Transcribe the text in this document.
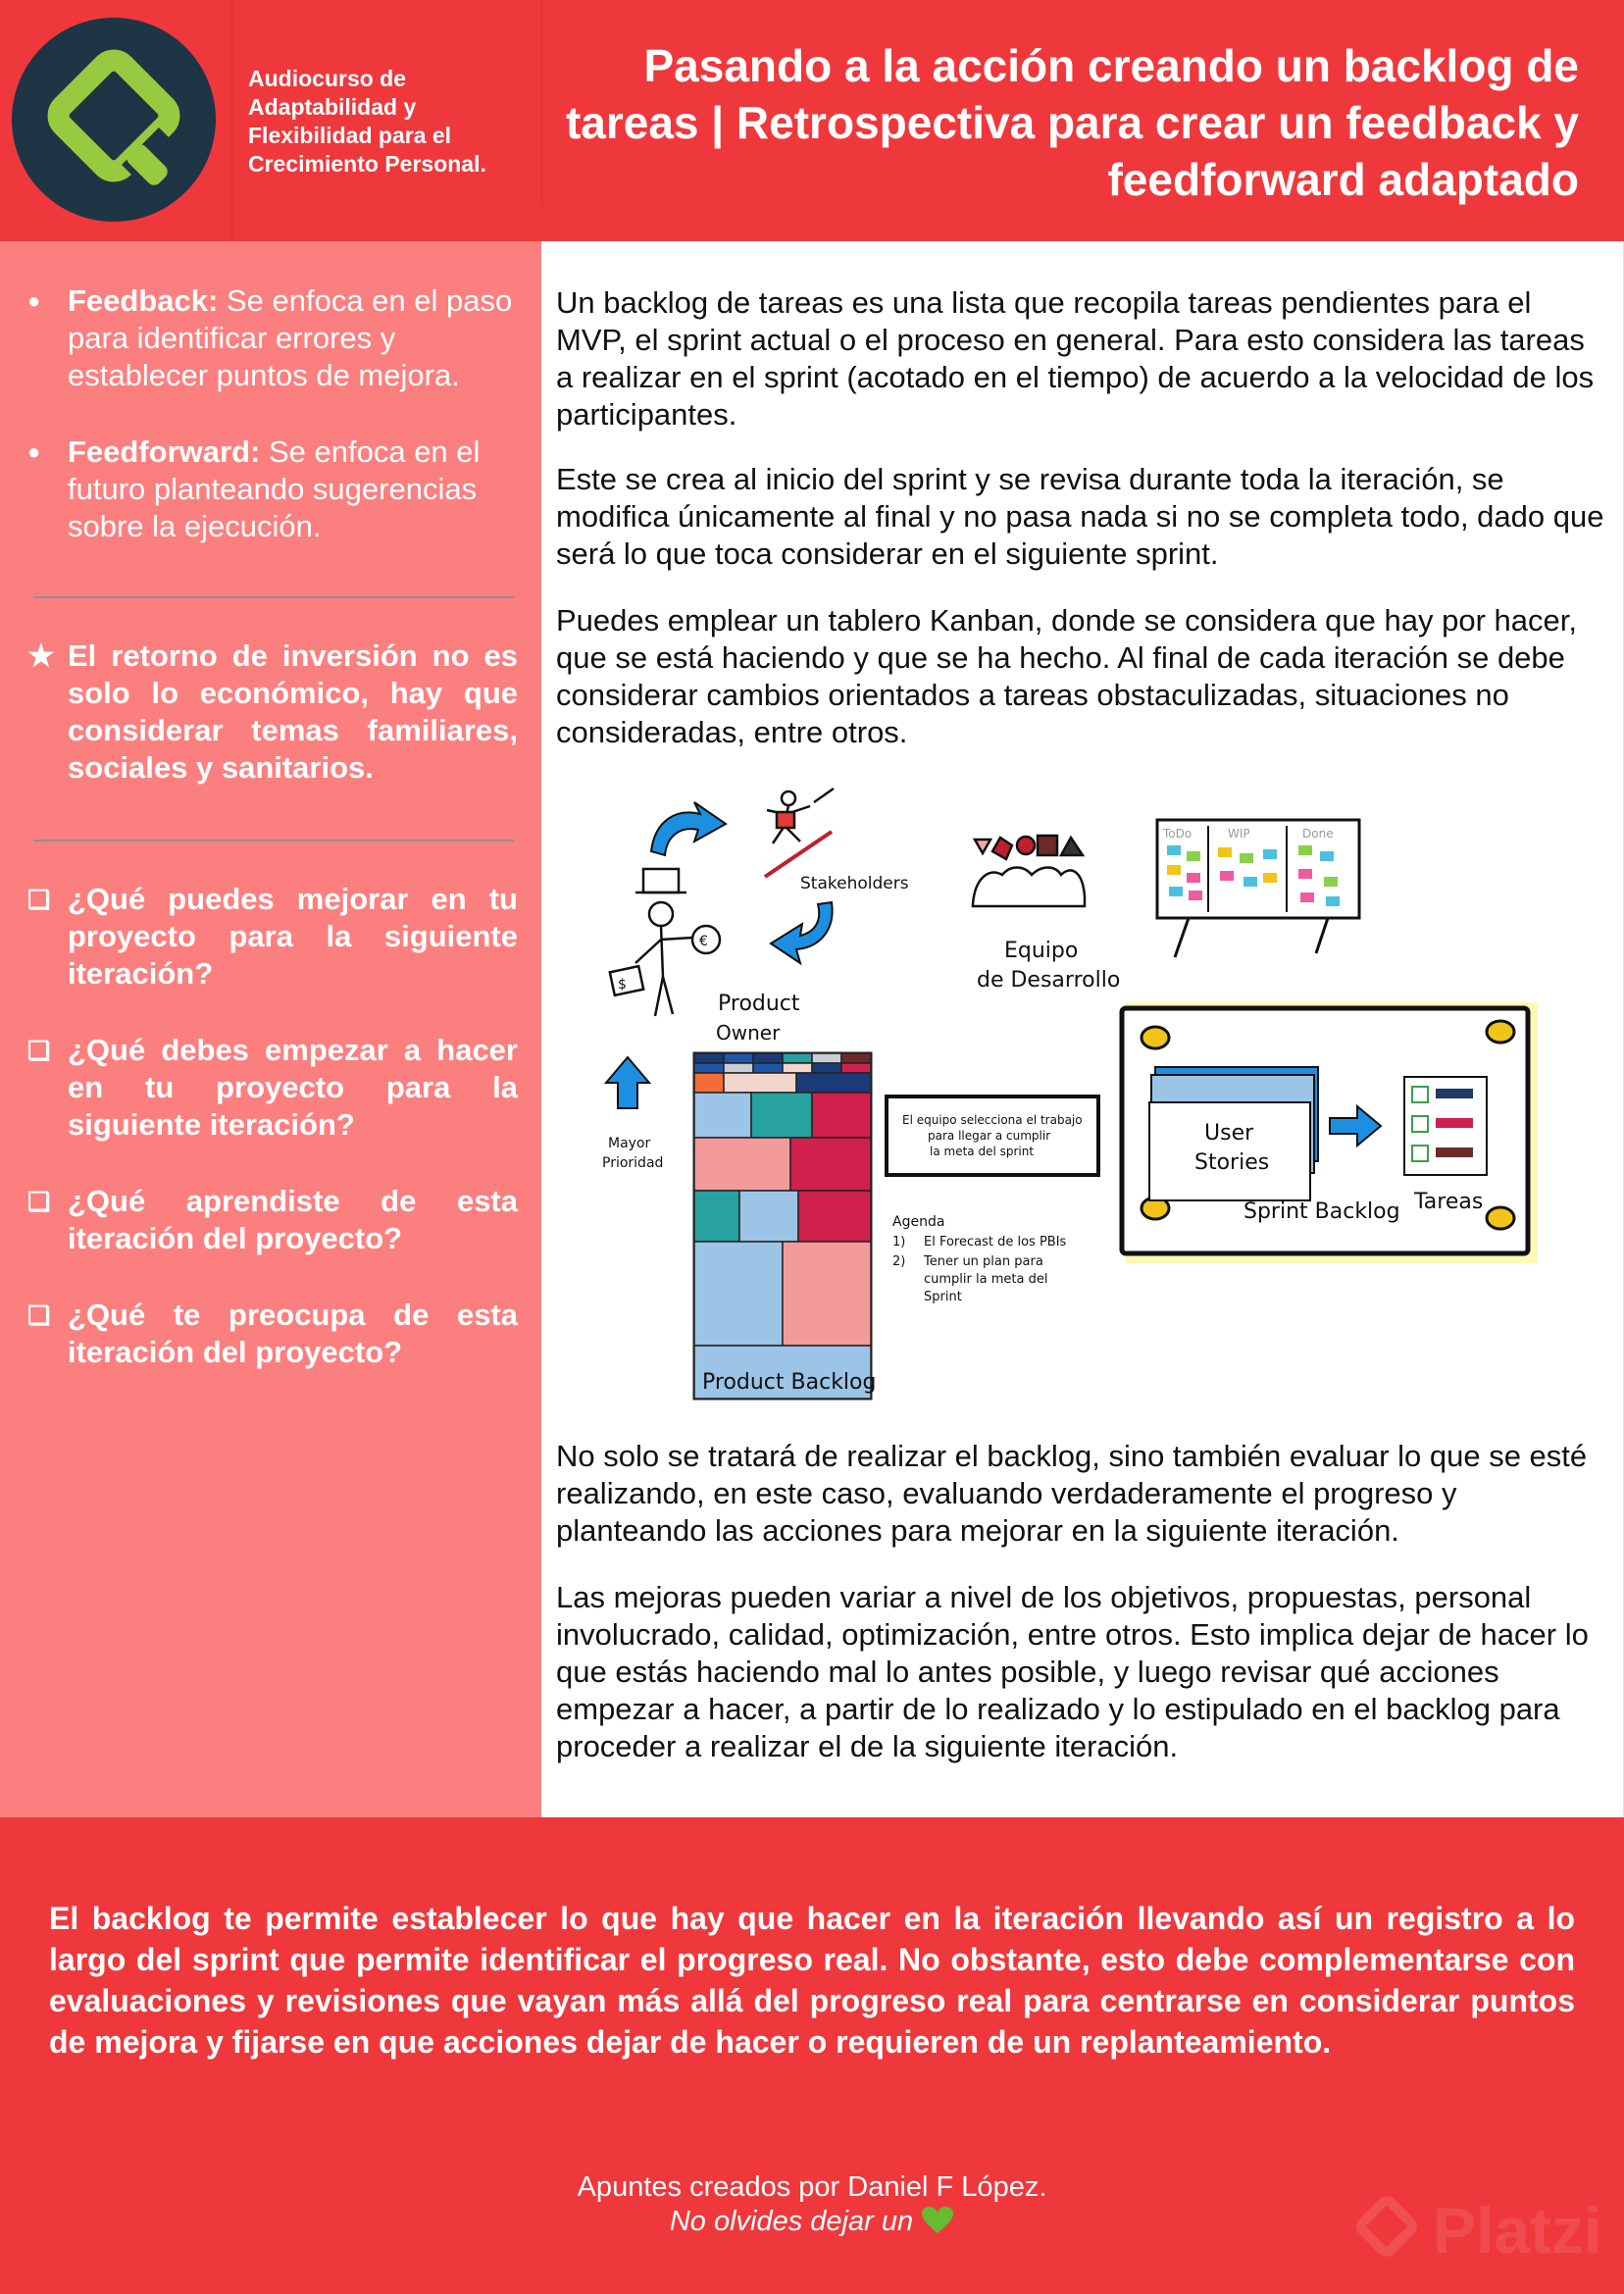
Audiocurso de Adaptabilidad y Flexibilidad para el Crecimiento Personal.
Pasando a la acción creando un backlog de tareas | Retrospectiva para crear un feedback y feedforward adaptado
● Feedback: Se enfoca en el paso para identificar errores y establecer puntos de mejora.
● Feedforward: Se enfoca en el futuro planteando sugerencias sobre la ejecución.
★ El retorno de inversión no es solo lo económico, hay que considerar temas familiares, sociales y sanitarios.
❏ ¿Qué puedes mejorar en tu proyecto para la siguiente iteración?
❏ ¿Qué debes empezar a hacer en tu proyecto para la siguiente iteración?
❏ ¿Qué aprendiste de esta iteración del proyecto?
❏ ¿Qué te preocupa de esta iteración del proyecto?
Un backlog de tareas es una lista que recopila tareas pendientes para el MVP, el sprint actual o el proceso en general. Para esto considera las tareas a realizar en el sprint (acotado en el tiempo) de acuerdo a la velocidad de los participantes.
Este se crea al inicio del sprint y se revisa durante toda la iteración, se modifica únicamente al final y no pasa nada si no se completa todo, dado que será lo que toca considerar en el siguiente sprint.
Puedes emplear un tablero Kanban, donde se considera que hay por hacer, que se está haciendo y que se ha hecho. Al final de cada iteración se debe considerar cambios orientados a tareas obstaculizadas, situaciones no consideradas, entre otros.
Stakeholders
$
€
Product
Owner
Equipo
de Desarrollo
ToDo	WIP	Done
Mayor
Prioridad
Product Backlog
El equipo selecciona el trabajo
para llegar a cumplir
la meta del sprint
Agenda
1) El Forecast de los PBIs
2) Tener un plan para
cumplir la meta del
Sprint
User
Stories
Tareas
Sprint Backlog
No solo se tratará de realizar el backlog, sino también evaluar lo que se esté realizando, en este caso, evaluando verdaderamente el progreso y planteando las acciones para mejorar en la siguiente iteración.
Las mejoras pueden variar a nivel de los objetivos, propuestas, personal involucrado, calidad, optimización, entre otros. Esto implica dejar de hacer lo que estás haciendo mal lo antes posible, y luego revisar qué acciones empezar a hacer, a partir de lo realizado y lo estipulado en el backlog para proceder a realizar el de la siguiente iteración.
El backlog te permite establecer lo que hay que hacer en la iteración llevando así un registro a lo largo del sprint que permite identificar el progreso real. No obstante, esto debe complementarse con evaluaciones y revisiones que vayan más allá del progreso real para centrarse en considerar puntos de mejora y fijarse en que acciones dejar de hacer o requieren de un replanteamiento.
Apuntes creados por Daniel F López.
No olvides dejar un	Platzi
